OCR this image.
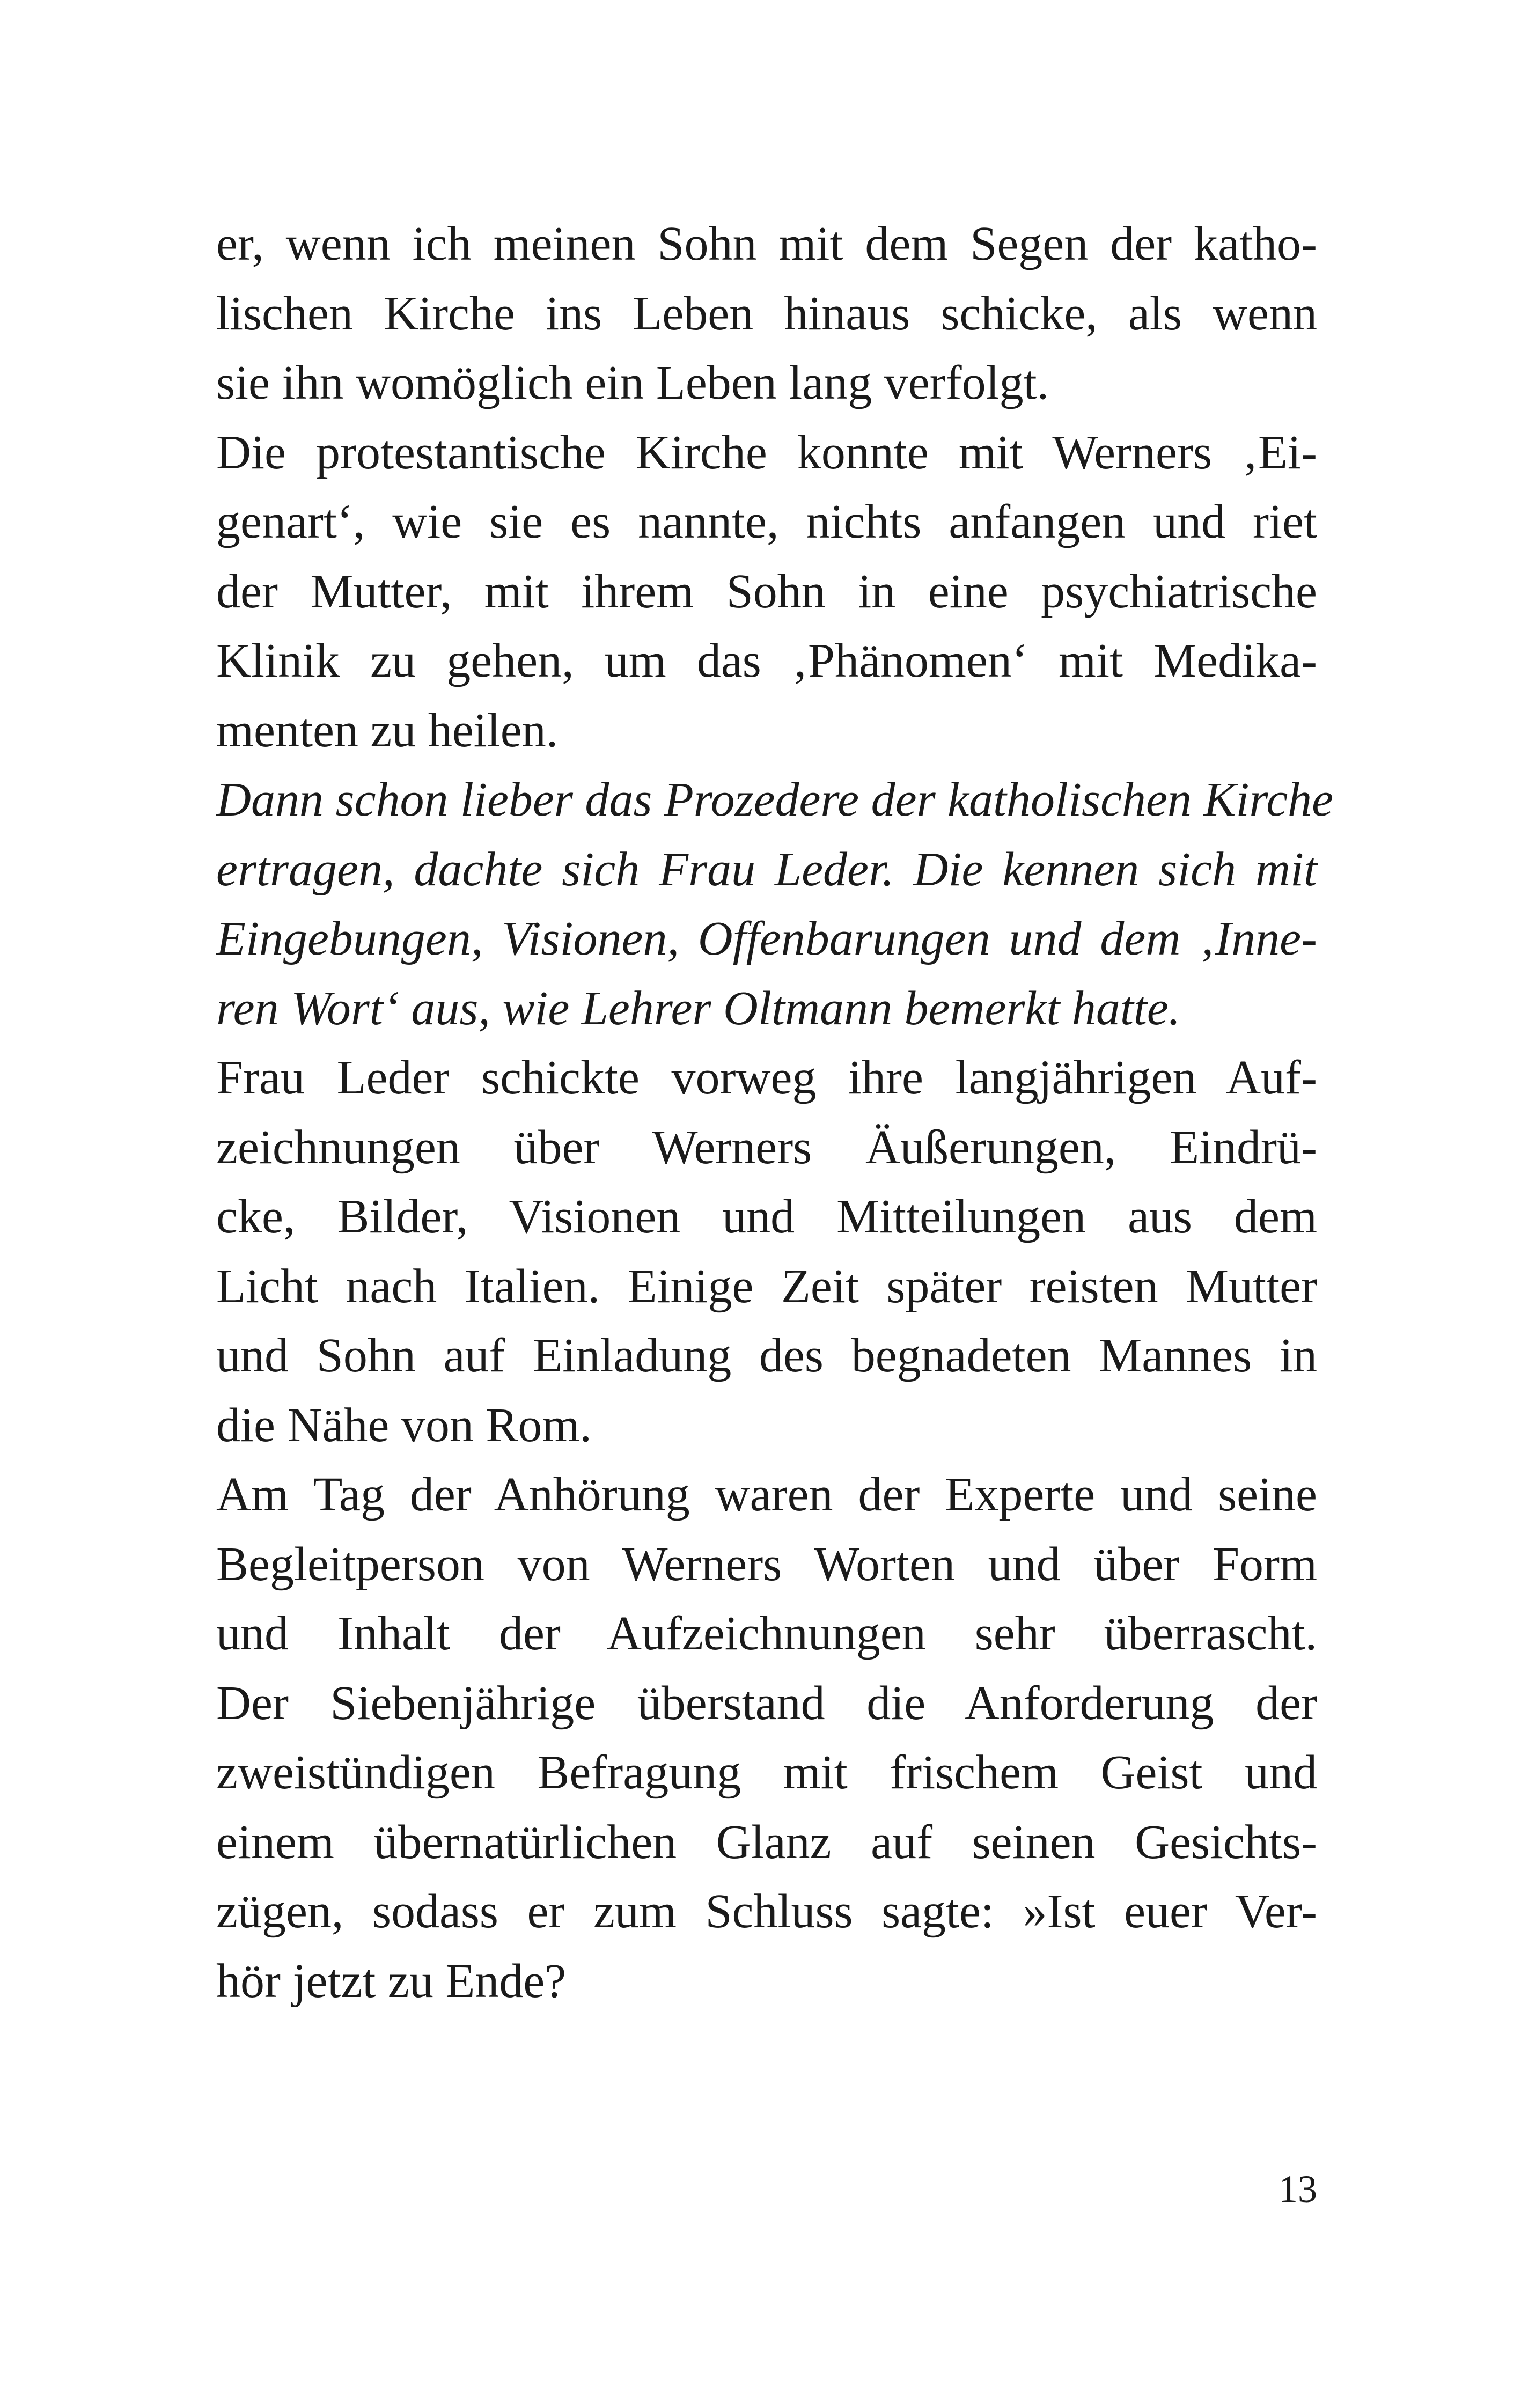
er, wenn ich meinen Sohn mit dem Segen der katho-
lischen Kirche ins Leben hinaus schicke, als wenn
sie ihn womöglich ein Leben lang verfolgt.
Die protestantische Kirche konnte mit Werners ‚Ei-
genart‘, wie sie es nannte, nichts anfangen und riet
der Mutter, mit ihrem Sohn in eine psychiatrische
Klinik zu gehen, um das ‚Phänomen‘ mit Medika-
menten zu heilen.
Dann schon lieber das Prozedere der katholischen Kirche
ertragen, dachte sich Frau Leder. Die kennen sich mit
Eingebungen, Visionen, Offenbarungen und dem ‚Inne-
ren Wort‘ aus, wie Lehrer Oltmann bemerkt hatte.
Frau Leder schickte vorweg ihre langjährigen Auf-
zeichnungen über Werners Äußerungen, Eindrü-
cke, Bilder, Visionen und Mitteilungen aus dem
Licht nach Italien. Einige Zeit später reisten Mutter
und Sohn auf Einladung des begnadeten Mannes in
die Nähe von Rom.
Am Tag der Anhörung waren der Experte und seine
Begleitperson von Werners Worten und über Form
und Inhalt der Aufzeichnungen sehr überrascht.
Der Siebenjährige überstand die Anforderung der
zweistündigen Befragung mit frischem Geist und
einem übernatürlichen Glanz auf seinen Gesichts-
zügen, sodass er zum Schluss sagte: »Ist euer Ver-
hör jetzt zu Ende?
13
